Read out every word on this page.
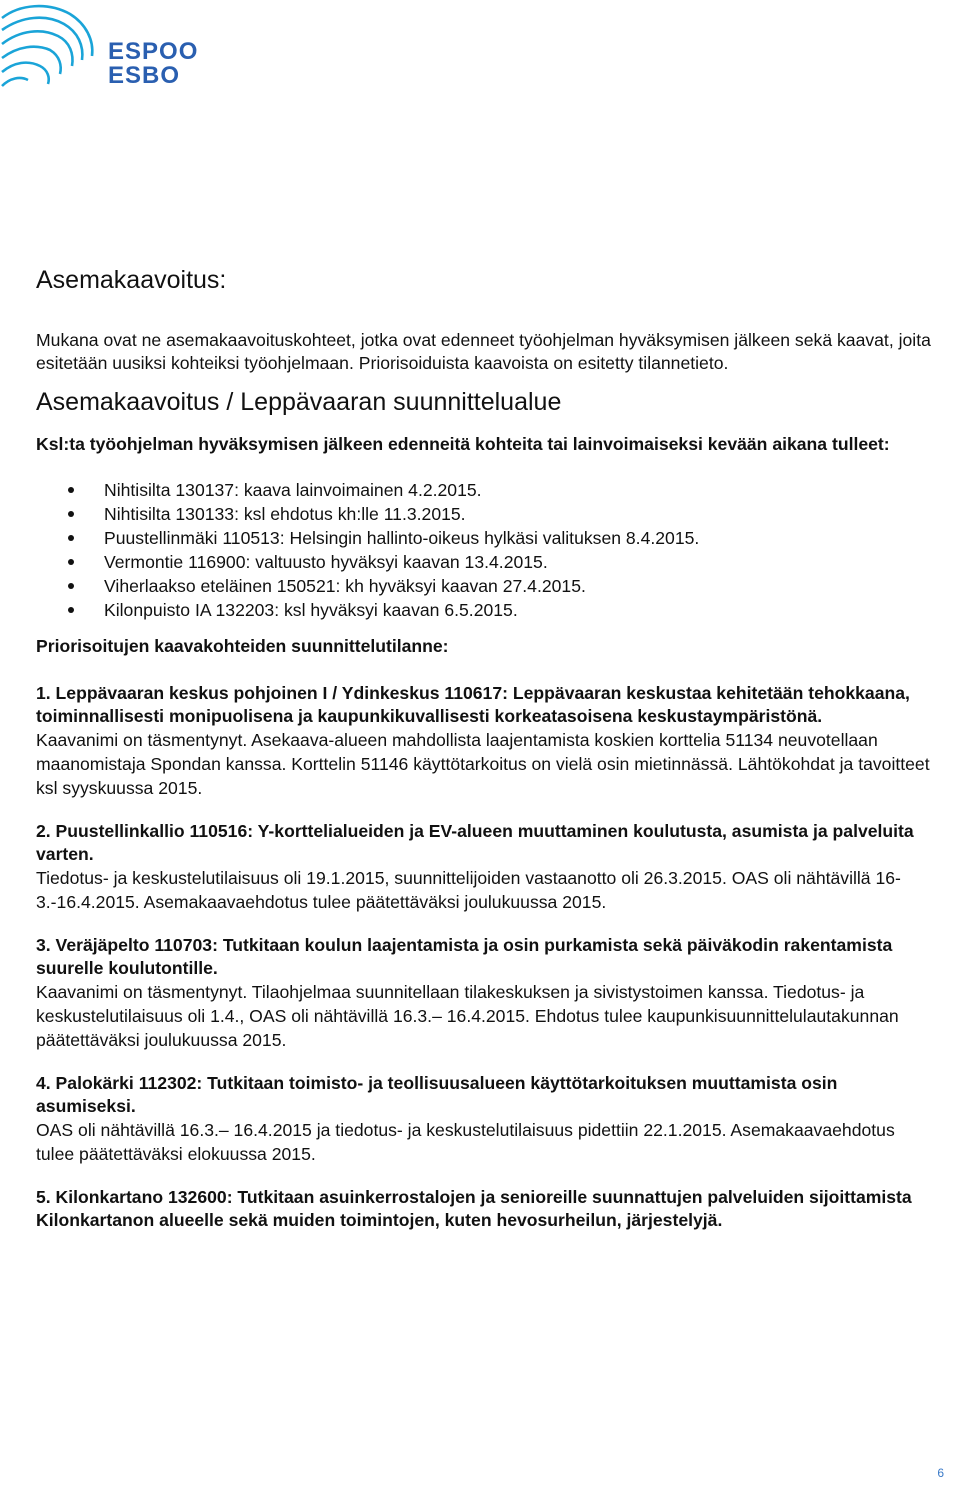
ESPOO
ESBO
Asemakaavoitus:

Mukana ovat ne asemakaavoituskohteet, jotka ovat edenneet työohjelman hyväksymisen jälkeen sekä kaavat, joita esitetään uusiksi kohteiksi työohjelmaan. Priorisoiduista kaavoista on esitetty tilannetieto.

Asemakaavoitus / Leppävaaran suunnittelualue

Ksl:ta työohjelman hyväksymisen jälkeen edenneitä kohteita tai lainvoimaiseksi kevään aikana tulleet:

Nihtisilta 130137: kaava lainvoimainen 4.2.2015.
Nihtisilta 130133: ksl ehdotus kh:lle 11.3.2015.
Puustellinmäki 110513: Helsingin hallinto-oikeus hylkäsi valituksen 8.4.2015.
Vermontie 116900: valtuusto hyväksyi kaavan 13.4.2015.
Viherlaakso eteläinen 150521: kh hyväksyi kaavan 27.4.2015.
Kilonpuisto IA 132203: ksl hyväksyi kaavan 6.5.2015.
Priorisoitujen kaavakohteiden suunnittelutilanne:
1. Leppävaaran keskus pohjoinen I / Ydinkeskus 110617: Leppävaaran keskustaa kehitetään tehokkaana, toiminnallisesti monipuolisena ja kaupunkikuvallisesti korkeatasoisena keskustaympäristönä.
Kaavanimi on täsmentynyt. Asekaava-alueen mahdollista laajentamista koskien korttelia 51134 neuvotellaan maanomistaja Spondan kanssa. Korttelin 51146 käyttötarkoitus on vielä osin mietinnässä. Lähtökohdat ja tavoitteet ksl syyskuussa 2015.
2. Puustellinkallio 110516: Y-korttelialueiden ja EV-alueen muuttaminen koulutusta, asumista ja palveluita varten.
Tiedotus- ja keskustelutilaisuus oli 19.1.2015, suunnittelijoiden vastaanotto oli 26.3.2015. OAS oli nähtävillä 16-3.-16.4.2015. Asemakaavaehdotus tulee päätettäväksi joulukuussa 2015.
3. Veräjäpelto 110703: Tutkitaan koulun laajentamista ja osin purkamista sekä päiväkodin rakentamista suurelle koulutontille.
Kaavanimi on täsmentynyt. Tilaohjelmaa suunnitellaan tilakeskuksen ja sivistystoimen kanssa. Tiedotus- ja keskustelutilaisuus oli 1.4., OAS oli nähtävillä 16.3.– 16.4.2015. Ehdotus tulee kaupunkisuunnittelulautakunnan päätettäväksi joulukuussa 2015.
4. Palokärki 112302: Tutkitaan toimisto- ja teollisuusalueen käyttötarkoituksen muuttamista osin asumiseksi.
OAS oli nähtävillä 16.3.– 16.4.2015 ja tiedotus- ja keskustelutilaisuus pidettiin 22.1.2015. Asemakaavaehdotus tulee päätettäväksi elokuussa 2015.
5. Kilonkartano 132600: Tutkitaan asuinkerrostalojen ja senioreille suunnattujen palveluiden sijoittamista Kilonkartanon alueelle sekä muiden toimintojen, kuten hevosurheilun, järjestelyjä.
6
